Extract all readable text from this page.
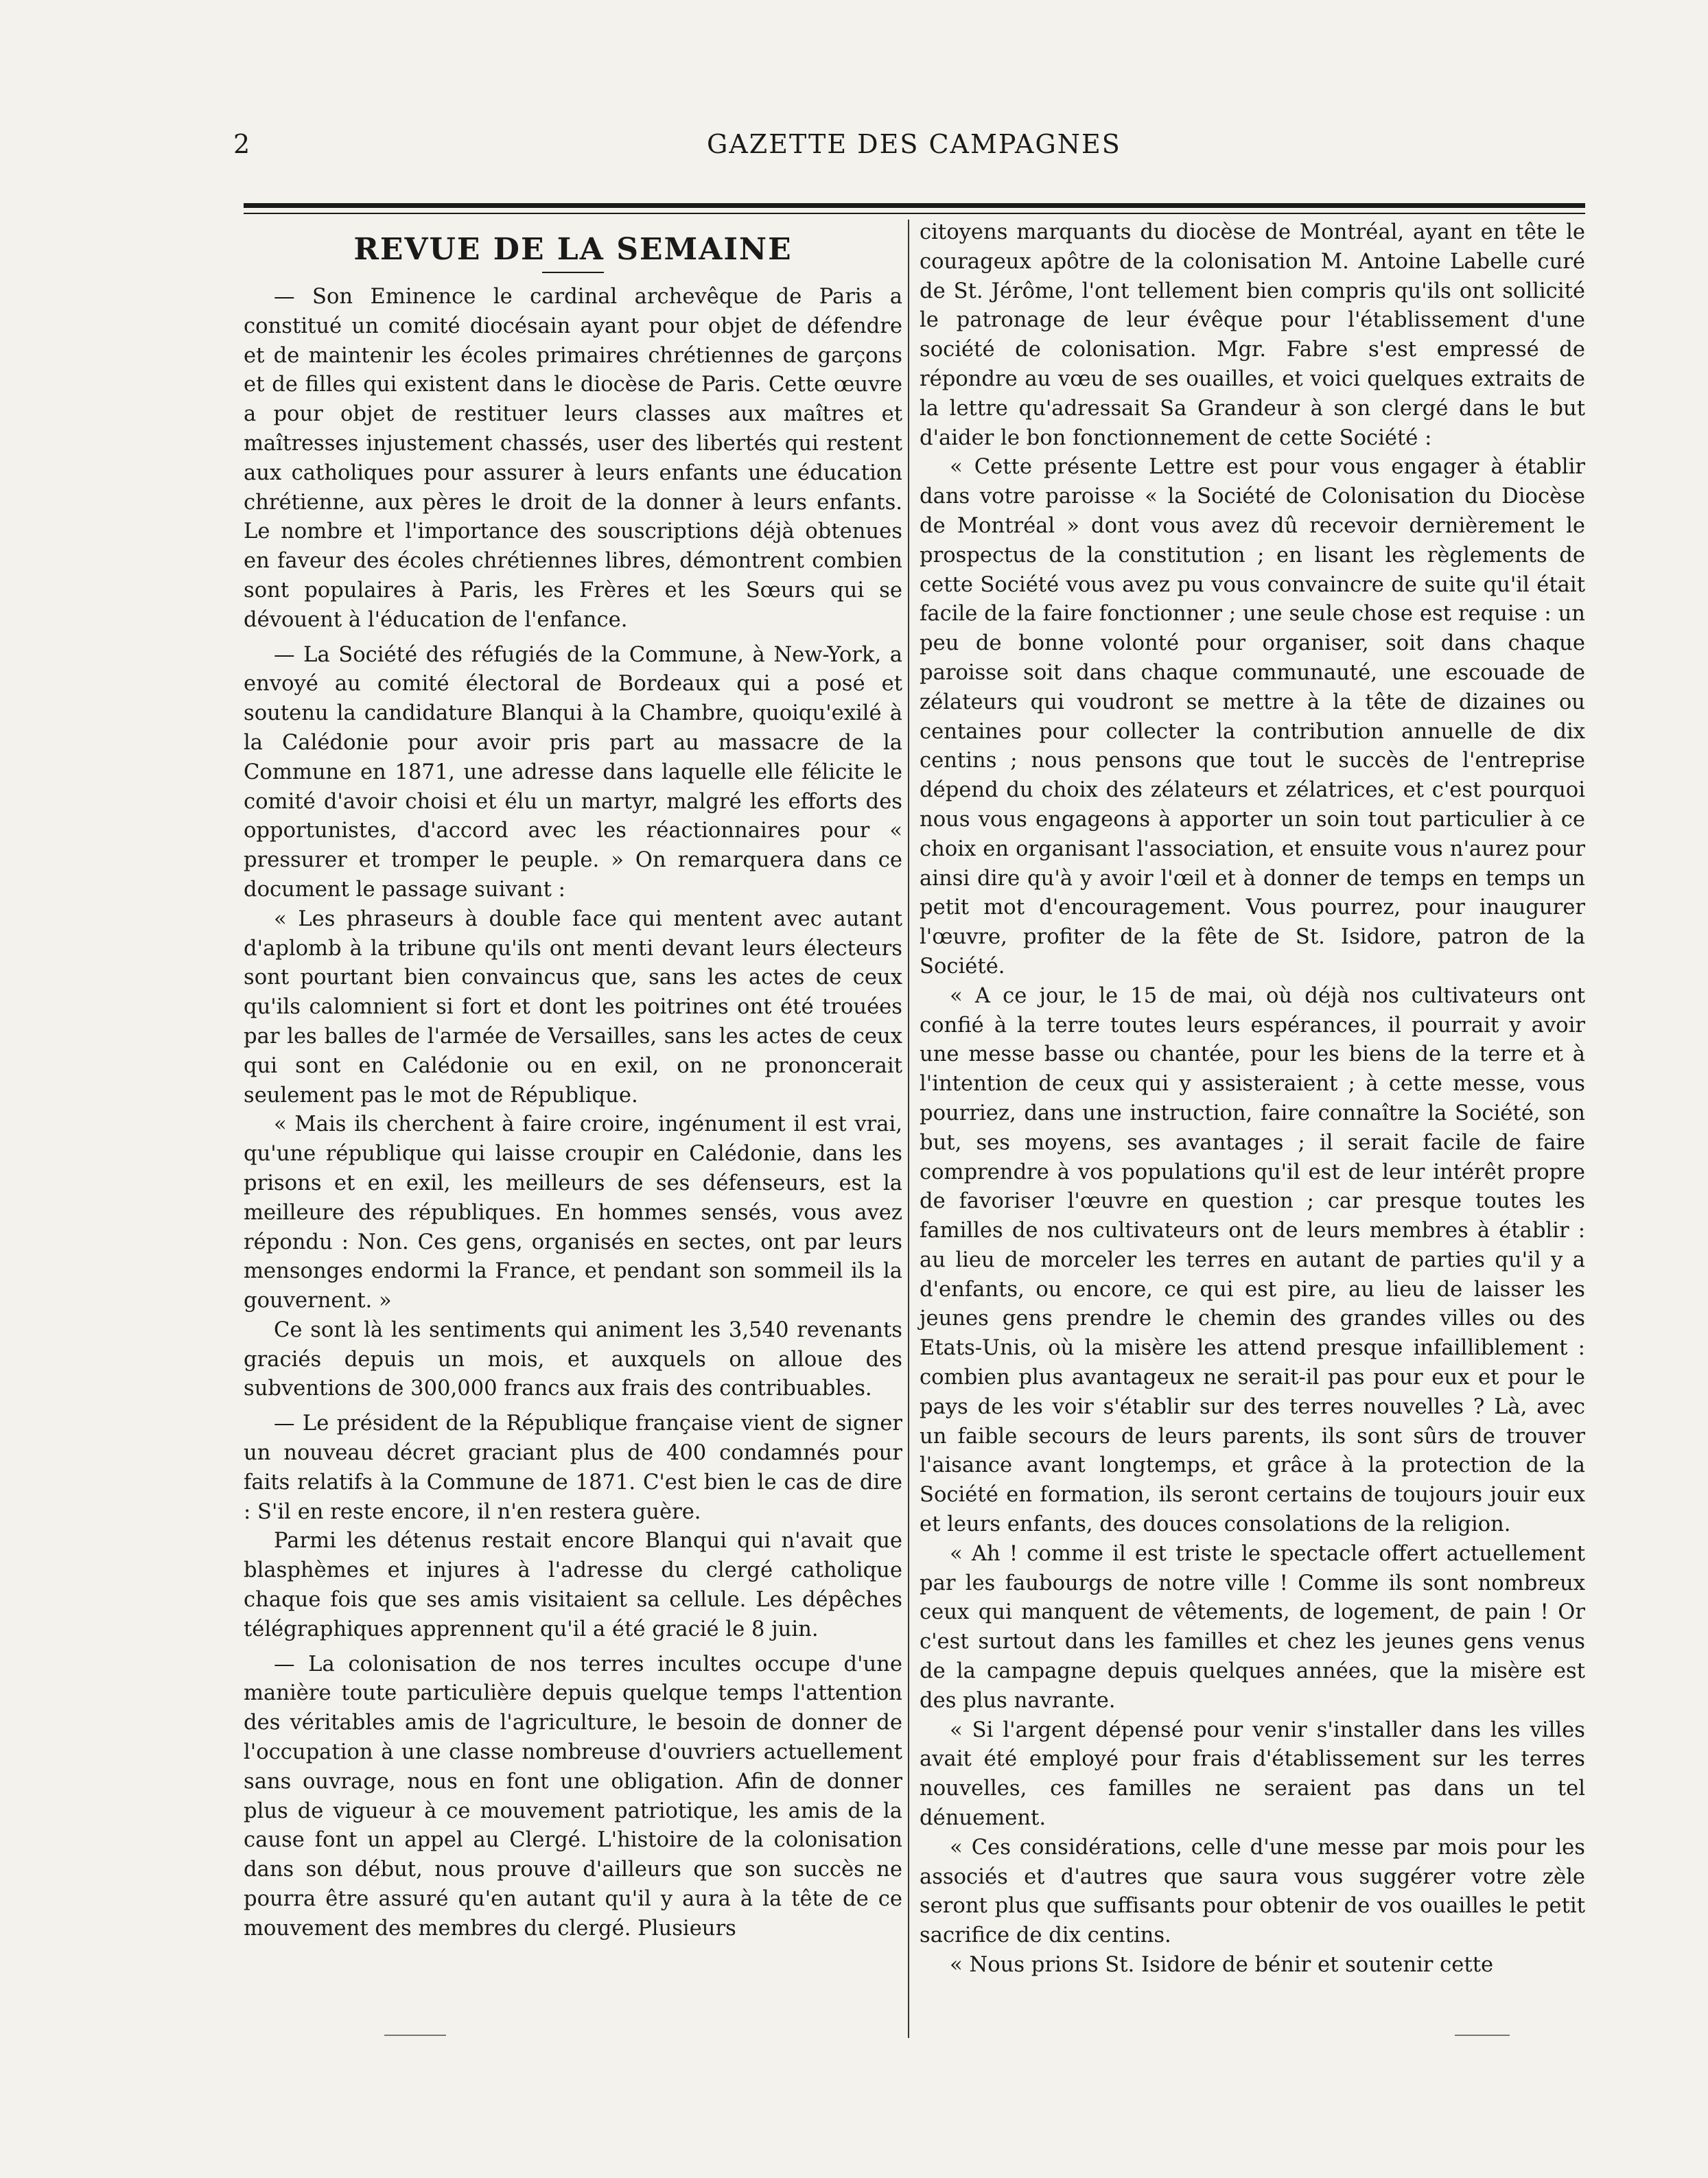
2	GAZETTE DES CAMPAGNES
REVUE DE LA SEMAINE

— Son Eminence le cardinal archevêque de Paris a constitué un comité diocésain ayant pour objet de défendre et de maintenir les écoles primaires chrétiennes de garçons et de filles qui existent dans le diocèse de Paris. Cette œuvre a pour objet de restituer leurs classes aux maîtres et maîtresses injustement chassés, user des libertés qui restent aux catholiques pour assurer à leurs enfants une éducation chrétienne, aux pères le droit de la donner à leurs enfants. Le nombre et l'importance des souscriptions déjà obtenues en faveur des écoles chrétiennes libres, démontrent combien sont populaires à Paris, les Frères et les Sœurs qui se dévouent à l'éducation de l'enfance.

— La Société des réfugiés de la Commune, à New-York, a envoyé au comité électoral de Bordeaux qui a posé et soutenu la candidature Blanqui à la Chambre, quoiqu'exilé à la Calédonie pour avoir pris part au massacre de la Commune en 1871, une adresse dans laquelle elle félicite le comité d'avoir choisi et élu un martyr, malgré les efforts des opportunistes, d'accord avec les réactionnaires pour « pressurer et tromper le peuple. » On remarquera dans ce document le passage suivant :

« Les phraseurs à double face qui mentent avec autant d'aplomb à la tribune qu'ils ont menti devant leurs électeurs sont pourtant bien convaincus que, sans les actes de ceux qu'ils calomnient si fort et dont les poitrines ont été trouées par les balles de l'armée de Versailles, sans les actes de ceux qui sont en Calédonie ou en exil, on ne prononcerait seulement pas le mot de République.

« Mais ils cherchent à faire croire, ingénument il est vrai, qu'une république qui laisse croupir en Calédonie, dans les prisons et en exil, les meilleurs de ses défenseurs, est la meilleure des républiques. En hommes sensés, vous avez répondu : Non. Ces gens, organisés en sectes, ont par leurs mensonges endormi la France, et pendant son sommeil ils la gouvernent. »

Ce sont là les sentiments qui animent les 3,540 revenants graciés depuis un mois, et auxquels on alloue des subventions de 300,000 francs aux frais des contribuables.

— Le président de la République française vient de signer un nouveau décret graciant plus de 400 condamnés pour faits relatifs à la Commune de 1871. C'est bien le cas de dire : S'il en reste encore, il n'en restera guère.

Parmi les détenus restait encore Blanqui qui n'avait que blasphèmes et injures à l'adresse du clergé catholique chaque fois que ses amis visitaient sa cellule. Les dépêches télégraphiques apprennent qu'il a été gracié le 8 juin.

— La colonisation de nos terres incultes occupe d'une manière toute particulière depuis quelque temps l'attention des véritables amis de l'agriculture, le besoin de donner de l'occupation à une classe nombreuse d'ouvriers actuellement sans ouvrage, nous en font une obligation. Afin de donner plus de vigueur à ce mouvement patriotique, les amis de la cause font un appel au Clergé. L'histoire de la colonisation dans son début, nous prouve d'ailleurs que son succès ne pourra être assuré qu'en autant qu'il y aura à la tête de ce mouvement des membres du clergé. Plusieurs

citoyens marquants du diocèse de Montréal, ayant en tête le courageux apôtre de la colonisation M. Antoine Labelle curé de St. Jérôme, l'ont tellement bien compris qu'ils ont sollicité le patronage de leur évêque pour l'établissement d'une société de colonisation. Mgr. Fabre s'est empressé de répondre au vœu de ses ouailles, et voici quelques extraits de la lettre qu'adressait Sa Grandeur à son clergé dans le but d'aider le bon fonctionnement de cette Société :

« Cette présente Lettre est pour vous engager à établir dans votre paroisse « la Société de Colonisation du Diocèse de Montréal » dont vous avez dû recevoir dernièrement le prospectus de la constitution ; en lisant les règlements de cette Société vous avez pu vous convaincre de suite qu'il était facile de la faire fonctionner ; une seule chose est requise : un peu de bonne volonté pour organiser, soit dans chaque paroisse soit dans chaque communauté, une escouade de zélateurs qui voudront se mettre à la tête de dizaines ou centaines pour collecter la contribution annuelle de dix centins ; nous pensons que tout le succès de l'entreprise dépend du choix des zélateurs et zélatrices, et c'est pourquoi nous vous engageons à apporter un soin tout particulier à ce choix en organisant l'association, et ensuite vous n'aurez pour ainsi dire qu'à y avoir l'œil et à donner de temps en temps un petit mot d'encouragement. Vous pourrez, pour inaugurer l'œuvre, profiter de la fête de St. Isidore, patron de la Société.

« A ce jour, le 15 de mai, où déjà nos cultivateurs ont confié à la terre toutes leurs espérances, il pourrait y avoir une messe basse ou chantée, pour les biens de la terre et à l'intention de ceux qui y assisteraient ; à cette messe, vous pourriez, dans une instruction, faire connaître la Société, son but, ses moyens, ses avantages ; il serait facile de faire comprendre à vos populations qu'il est de leur intérêt propre de favoriser l'œuvre en question ; car presque toutes les familles de nos cultivateurs ont de leurs membres à établir : au lieu de morceler les terres en autant de parties qu'il y a d'enfants, ou encore, ce qui est pire, au lieu de laisser les jeunes gens prendre le chemin des grandes villes ou des Etats-Unis, où la misère les attend presque infailliblement : combien plus avantageux ne serait-il pas pour eux et pour le pays de les voir s'établir sur des terres nouvelles ? Là, avec un faible secours de leurs parents, ils sont sûrs de trouver l'aisance avant longtemps, et grâce à la protection de la Société en formation, ils seront certains de toujours jouir eux et leurs enfants, des douces consolations de la religion.

« Ah ! comme il est triste le spectacle offert actuellement par les faubourgs de notre ville ! Comme ils sont nombreux ceux qui manquent de vêtements, de logement, de pain ! Or c'est surtout dans les familles et chez les jeunes gens venus de la campagne depuis quelques années, que la misère est des plus navrante.

« Si l'argent dépensé pour venir s'installer dans les villes avait été employé pour frais d'établissement sur les terres nouvelles, ces familles ne seraient pas dans un tel dénuement.

« Ces considérations, celle d'une messe par mois pour les associés et d'autres que saura vous suggérer votre zèle seront plus que suffisants pour obtenir de vos ouailles le petit sacrifice de dix centins.

« Nous prions St. Isidore de bénir et soutenir cette
